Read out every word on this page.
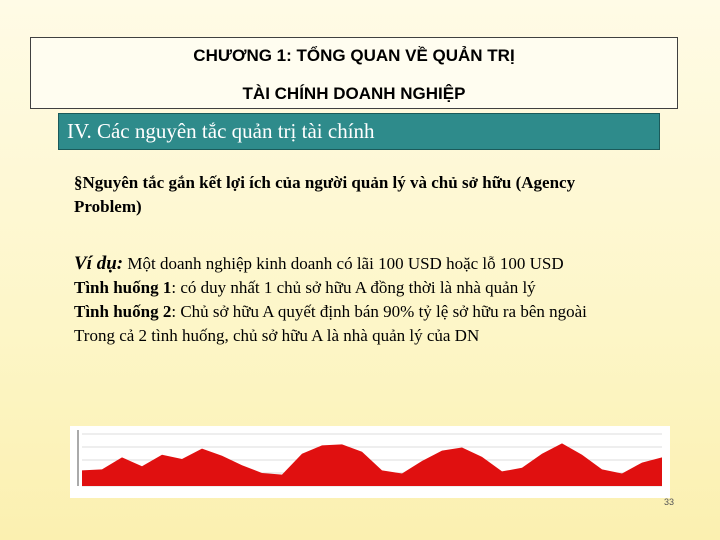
CHƯƠNG 1: TỔNG QUAN VỀ QUẢN TRỊ
TÀI CHÍNH DOANH NGHIỆP
IV. Các nguyên tắc quản trị tài chính
§Nguyên tắc gắn kết lợi ích của người quản lý và chủ sở hữu (Agency Problem)
Ví dụ: Một doanh nghiệp kinh doanh có lãi 100 USD hoặc lỗ 100 USD
Tình huống 1: có duy nhất 1 chủ sở hữu A đồng thời là nhà quản lý
Tình huống 2: Chủ sở hữu A quyết định bán 90% tỷ lệ sở hữu ra bên ngoài
Trong cả 2 tình huống, chủ sở hữu A là nhà quản lý của DN
33
